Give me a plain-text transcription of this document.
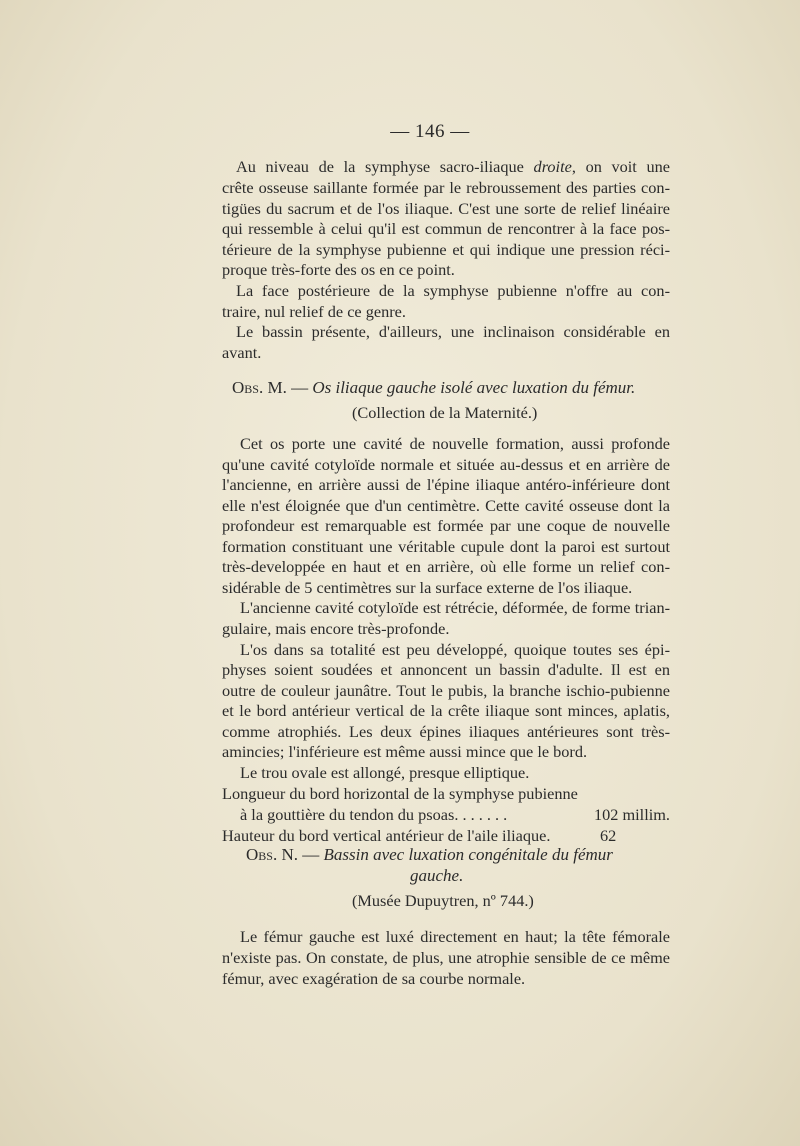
— 146 —
Au niveau de la symphyse sacro-iliaque droite, on voit une
crête osseuse saillante formée par le rebroussement des parties con-
tigües du sacrum et de l'os iliaque. C'est une sorte de relief linéaire
qui ressemble à celui qu'il est commun de rencontrer à la face pos-
térieure de la symphyse pubienne et qui indique une pression réci-
proque très-forte des os en ce point.
La face postérieure de la symphyse pubienne n'offre au con-
traire, nul relief de ce genre.
Le bassin présente, d'ailleurs, une inclinaison considérable en
avant.
Obs. M. — Os iliaque gauche isolé avec luxation du fémur.
(Collection de la Maternité.)
Cet os porte une cavité de nouvelle formation, aussi profonde
qu'une cavité cotyloïde normale et située au-dessus et en arrière de
l'ancienne, en arrière aussi de l'épine iliaque antéro-inférieure dont
elle n'est éloignée que d'un centimètre. Cette cavité osseuse dont la
profondeur est remarquable est formée par une coque de nouvelle
formation constituant une véritable cupule dont la paroi est surtout
très-developpée en haut et en arrière, où elle forme un relief con-
sidérable de 5 centimètres sur la surface externe de l'os iliaque.
L'ancienne cavité cotyloïde est rétrécie, déformée, de forme trian-
gulaire, mais encore très-profonde.
L'os dans sa totalité est peu développé, quoique toutes ses épi-
physes soient soudées et annoncent un bassin d'adulte. Il est en
outre de couleur jaunâtre. Tout le pubis, la branche ischio-pubienne
et le bord antérieur vertical de la crête iliaque sont minces, aplatis,
comme atrophiés. Les deux épines iliaques antérieures sont très-
amincies; l'inférieure est même aussi mince que le bord.
Le trou ovale est allongé, presque elliptique.
Longueur du bord horizontal de la symphyse pubienne
à la gouttière du tendon du psoas. . . . . . .	102 millim.
Hauteur du bord vertical antérieur de l'aile iliaque.	62
Obs. N. — Bassin avec luxation congénitale du fémur
gauche.
(Musée Dupuytren, nº 744.)
Le fémur gauche est luxé directement en haut; la tête fémorale
n'existe pas. On constate, de plus, une atrophie sensible de ce même
fémur, avec exagération de sa courbe normale.
